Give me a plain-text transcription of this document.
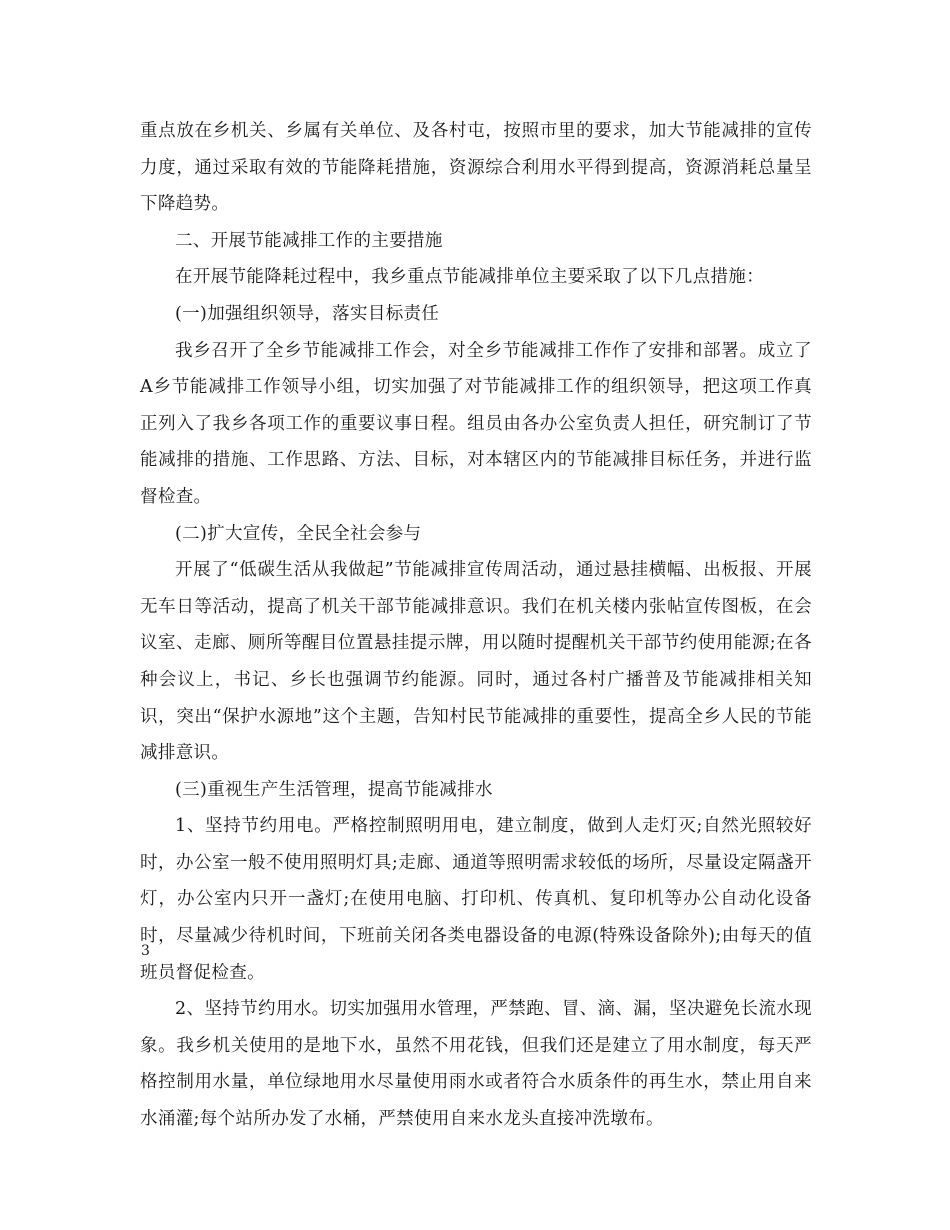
重点放在乡机关、乡属有关单位、及各村屯，按照市里的要求，加大节能减排的宣传力度，通过采取有效的节能降耗措施，资源综合利用水平得到提高，资源消耗总量呈下降趋势。

二、开展节能减排工作的主要措施

在开展节能降耗过程中，我乡重点节能减排单位主要采取了以下几点措施：

(一)加强组织领导，落实目标责任

我乡召开了全乡节能减排工作会，对全乡节能减排工作作了安排和部署。成立了A乡节能减排工作领导小组，切实加强了对节能减排工作的组织领导，把这项工作真正列入了我乡各项工作的重要议事日程。组员由各办公室负责人担任，研究制订了节能减排的措施、工作思路、方法、目标，对本辖区内的节能减排目标任务，并进行监督检查。

(二)扩大宣传，全民全社会参与

开展了“低碳生活从我做起”节能减排宣传周活动，通过悬挂横幅、出板报、开展无车日等活动，提高了机关干部节能减排意识。我们在机关楼内张帖宣传图板，在会议室、走廊、厕所等醒目位置悬挂提示牌，用以随时提醒机关干部节约使用能源;在各种会议上，书记、乡长也强调节约能源。同时，通过各村广播普及节能减排相关知识，突出“保护水源地”这个主题，告知村民节能减排的重要性，提高全乡人民的节能减排意识。

(三)重视生产生活管理，提高节能减排水

1、坚持节约用电。严格控制照明用电，建立制度，做到人走灯灭;自然光照较好时，办公室一般不使用照明灯具;走廊、通道等照明需求较低的场所，尽量设定隔盏开灯，办公室内只开一盏灯;在使用电脑、打印机、传真机、复印机等办公自动化设备时，尽量减少待机时间，下班前关闭各类电器设备的电源(特殊设备除外);由每天的值班员督促检查。

2、坚持节约用水。切实加强用水管理，严禁跑、冒、滴、漏，坚决避免长流水现象。我乡机关使用的是地下水，虽然不用花钱，但我们还是建立了用水制度，每天严格控制用水量，单位绿地用水尽量使用雨水或者符合水质条件的再生水，禁止用自来水涌灌;每个站所办发了水桶，严禁使用自来水龙头直接冲洗墩布。

3
